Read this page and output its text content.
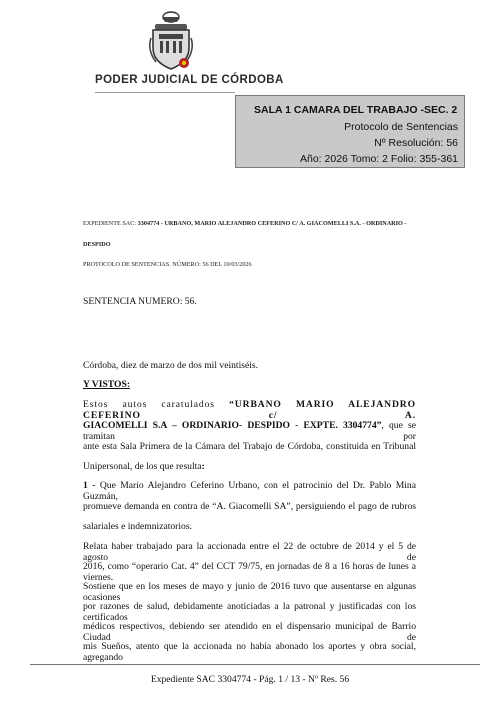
PODER JUDICIAL DE CÓRDOBA
SALA 1 CAMARA DEL TRABAJO -SEC. 2
Protocolo de Sentencias
Nº Resolución: 56
Año: 2026 Tomo: 2 Folio: 355-361
EXPEDIENTE SAC: 3304774 - URBANO, MARIO ALEJANDRO CEFERINO C/ A. GIACOMELLI S.A. - ORDINARIO -
DESPIDO
PROTOCOLO DE SENTENCIAS. NÚMERO: 56 DEL 10/03/2026
SENTENCIA NUMERO: 56.
Córdoba, diez de marzo de dos mil veintiséis.
Y VISTOS:
Estos autos caratulados “URBANO MARIO ALEJANDRO CEFERINO c/ A.
GIACOMELLI S.A – ORDINARIO- DESPIDO - EXPTE. 3304774”, que se tramitan por
ante esta Sala Primera de la Cámara del Trabajo de Córdoba, constituida en Tribunal
Unipersonal, de los que resulta:
1 - Que Mario Alejandro Ceferino Urbano, con el patrocinio del Dr. Pablo Mina Guzmán,
promueve demanda en contra de “A. Giacomelli SA”, persiguiendo el pago de rubros
salariales e indemnizatorios.
Relata haber trabajado para la accionada entre el 22 de octubre de 2014 y el 5 de agosto de
2016, como “operario Cat. 4” del CCT 79/75, en jornadas de 8 a 16 horas de lunes a viernes.
Sostiene que en los meses de mayo y junio de 2016 tuvo que ausentarse en algunas ocasiones
por razones de salud, debidamente anoticiadas a la patronal y justificadas con los certificados
médicos respectivos, debiendo ser atendido en el dispensario municipal de Barrio Ciudad de
mis Sueños, atento que la accionada no había abonado los aportes y obra social, agregando
Expediente SAC 3304774 - Pág. 1 / 13 - Nº Res. 56
